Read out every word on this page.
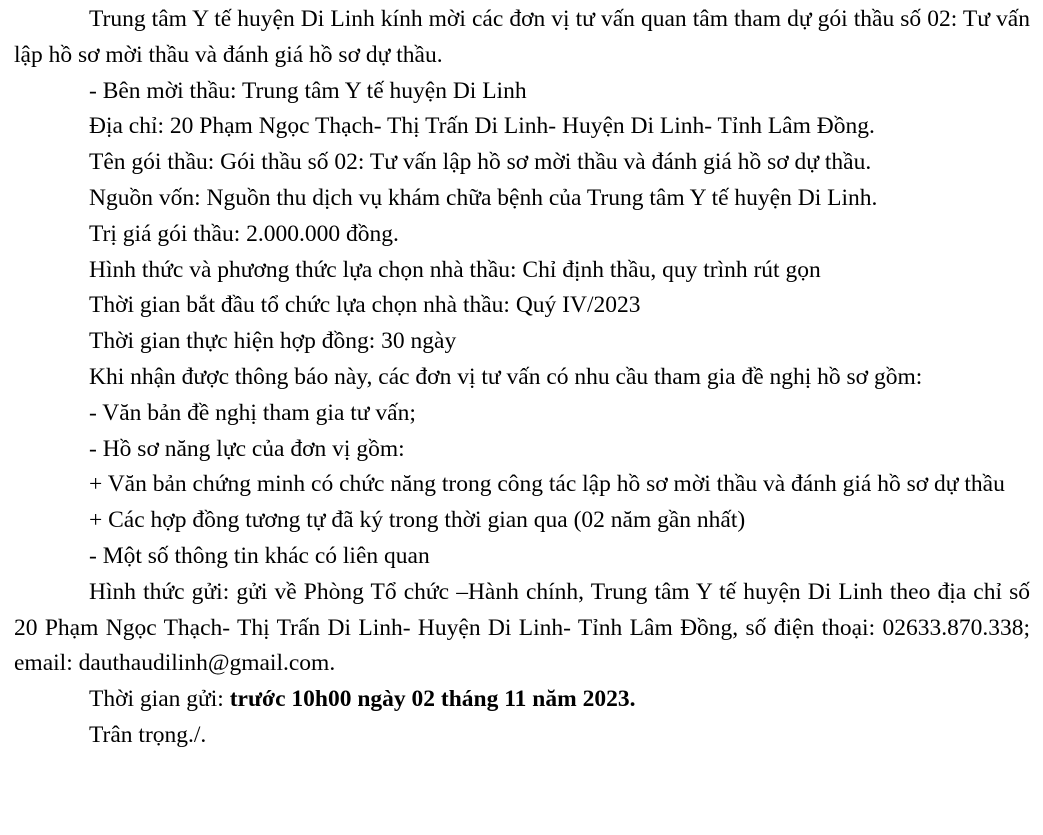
Trung tâm Y tế huyện Di Linh kính mời các đơn vị tư vấn quan tâm tham dự gói thầu số 02: Tư vấn lập hồ sơ mời thầu và đánh giá hồ sơ dự thầu.

- Bên mời thầu: Trung tâm Y tế huyện Di Linh

Địa chỉ: 20 Phạm Ngọc Thạch- Thị Trấn Di Linh- Huyện Di Linh- Tỉnh Lâm Đồng.

Tên gói thầu: Gói thầu số 02: Tư vấn lập hồ sơ mời thầu và đánh giá hồ sơ dự thầu.

Nguồn vốn: Nguồn thu dịch vụ khám chữa bệnh của Trung tâm Y tế huyện Di Linh.

Trị giá gói thầu: 2.000.000 đồng.

Hình thức và phương thức lựa chọn nhà thầu: Chỉ định thầu, quy trình rút gọn

Thời gian bắt đầu tổ chức lựa chọn nhà thầu: Quý IV/2023

Thời gian thực hiện hợp đồng: 30 ngày

Khi nhận được thông báo này, các đơn vị tư vấn có nhu cầu tham gia đề nghị hồ sơ gồm:

- Văn bản đề nghị tham gia tư vấn;

- Hồ sơ năng lực của đơn vị gồm:

+ Văn bản chứng minh có chức năng trong công tác lập hồ sơ mời thầu và đánh giá hồ sơ dự thầu

+ Các hợp đồng tương tự đã ký trong thời gian qua (02 năm gần nhất)

- Một số thông tin khác có liên quan

Hình thức gửi: gửi về Phòng Tổ chức –Hành chính, Trung tâm Y tế huyện Di Linh theo địa chỉ số 20 Phạm Ngọc Thạch- Thị Trấn Di Linh- Huyện Di Linh- Tỉnh Lâm Đồng, số điện thoại: 02633.870.338; email: dauthaudilinh@gmail.com.

Thời gian gửi: trước 10h00 ngày 02 tháng 11 năm 2023.

Trân trọng./.
